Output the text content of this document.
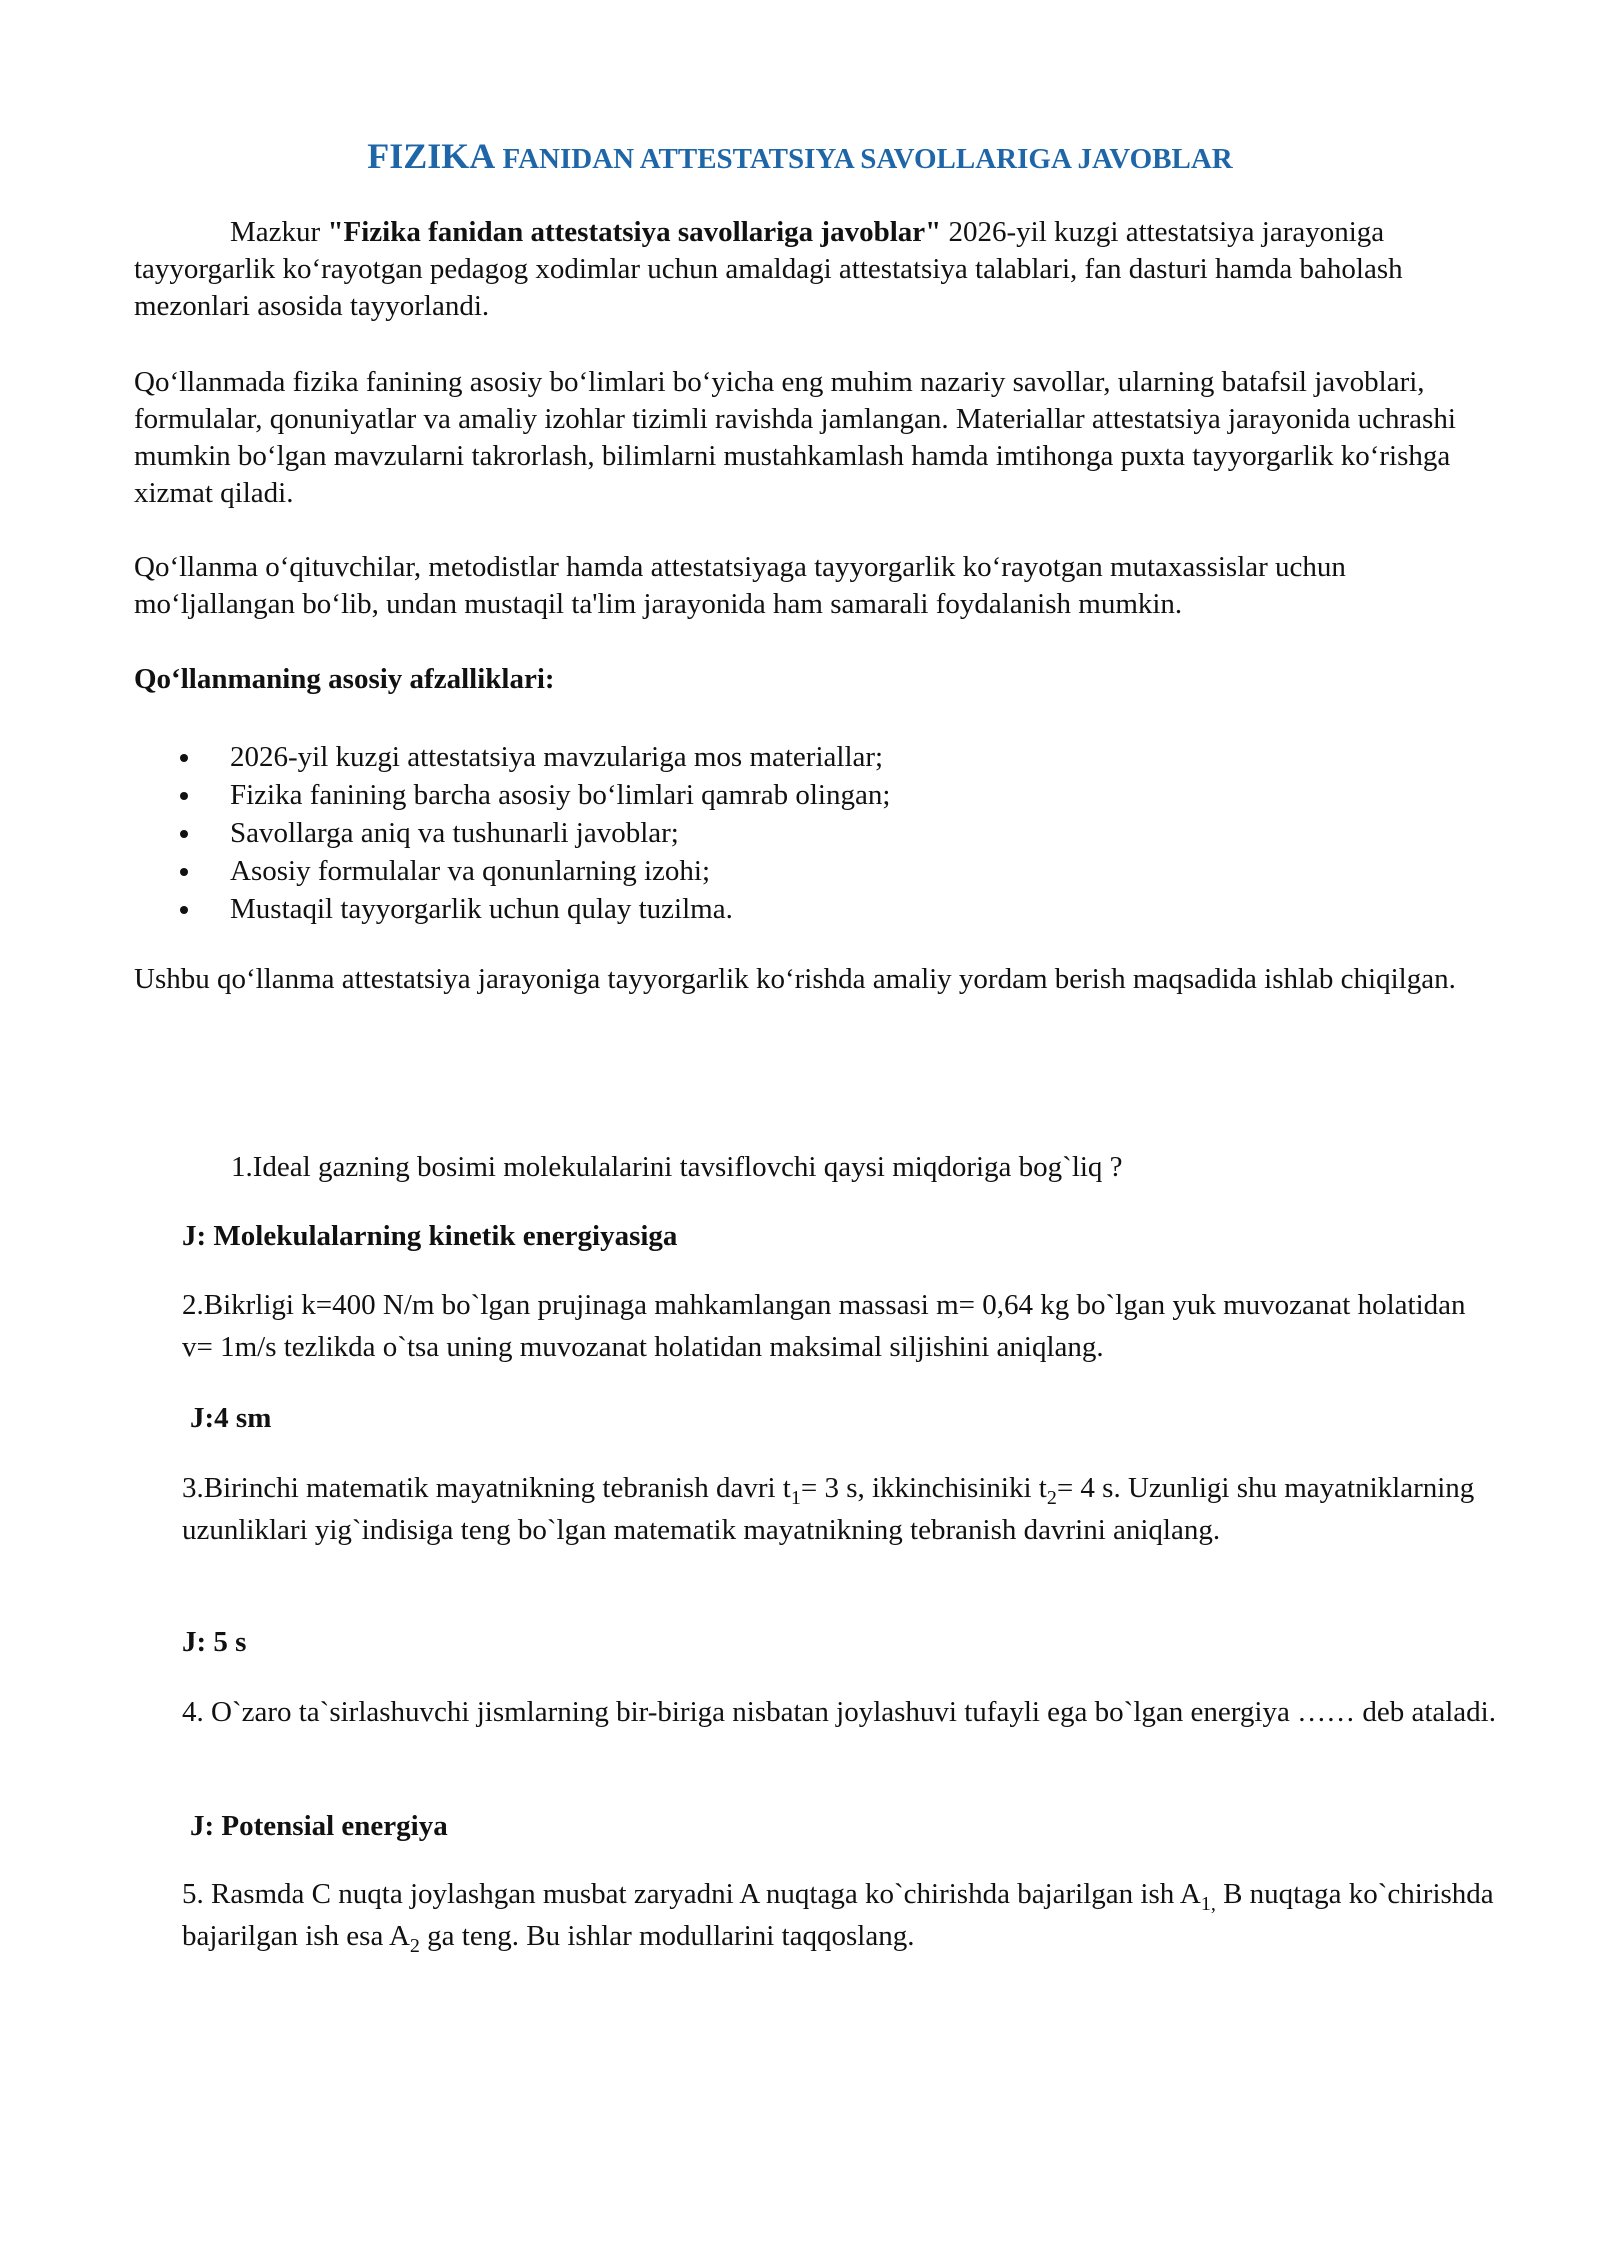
FIZIKA FANIDAN ATTESTATSIYA SAVOLLARIGA JAVOBLAR
Mazkur "Fizika fanidan attestatsiya savollariga javoblar" 2026-yil kuzgi attestatsiya jarayoniga tayyorgarlik koʻrayotgan pedagog xodimlar uchun amaldagi attestatsiya talablari, fan dasturi hamda baholash mezonlari asosida tayyorlandi.
Qoʻllanmada fizika fanining asosiy boʻlimlari boʻyicha eng muhim nazariy savollar, ularning batafsil javoblari, formulalar, qonuniyatlar va amaliy izohlar tizimli ravishda jamlangan. Materiallar attestatsiya jarayonida uchrashi mumkin boʻlgan mavzularni takrorlash, bilimlarni mustahkamlash hamda imtihonga puxta tayyorgarlik koʻrishga xizmat qiladi.
Qoʻllanma oʻqituvchilar, metodistlar hamda attestatsiyaga tayyorgarlik koʻrayotgan mutaxassislar uchun moʻljallangan boʻlib, undan mustaqil ta'lim jarayonida ham samarali foydalanish mumkin.
Qoʻllanmaning asosiy afzalliklari:
2026-yil kuzgi attestatsiya mavzulariga mos materiallar;
Fizika fanining barcha asosiy boʻlimlari qamrab olingan;
Savollarga aniq va tushunarli javoblar;
Asosiy formulalar va qonunlarning izohi;
Mustaqil tayyorgarlik uchun qulay tuzilma.
Ushbu qoʻllanma attestatsiya jarayoniga tayyorgarlik koʻrishda amaliy yordam berish maqsadida ishlab chiqilgan.
1.Ideal gazning bosimi molekulalarini tavsiflovchi qaysi miqdoriga bog`liq ?
J: Molekulalarning kinetik energiyasiga
2.Bikrligi k=400 N/m bo`lgan prujinaga mahkamlangan massasi m= 0,64 kg bo`lgan yuk muvozanat holatidan v= 1m/s tezlikda o`tsa uning muvozanat holatidan maksimal siljishini aniqlang.
J:4 sm
3.Birinchi matematik mayatnikning tebranish davri $t_1= 3$ s, ikkinchisiniki $t_2= 4$ s. Uzunligi shu mayatniklarning uzunliklari yig`indisiga teng bo`lgan matematik mayatnikning tebranish davrini aniqlang.
J: 5 s
4. O`zaro ta`sirlashuvchi jismlarning bir-biriga nisbatan joylashuvi tufayli ega bo`lgan energiya …… deb ataladi.
J: Potensial energiya
5. Rasmda C nuqta joylashgan musbat zaryadni A nuqtaga ko`chirishda bajarilgan ish $A_{1,}$ B nuqtaga ko`chirishda bajarilgan ish esa $A_2$ ga teng. Bu ishlar modullarini taqqoslang.
